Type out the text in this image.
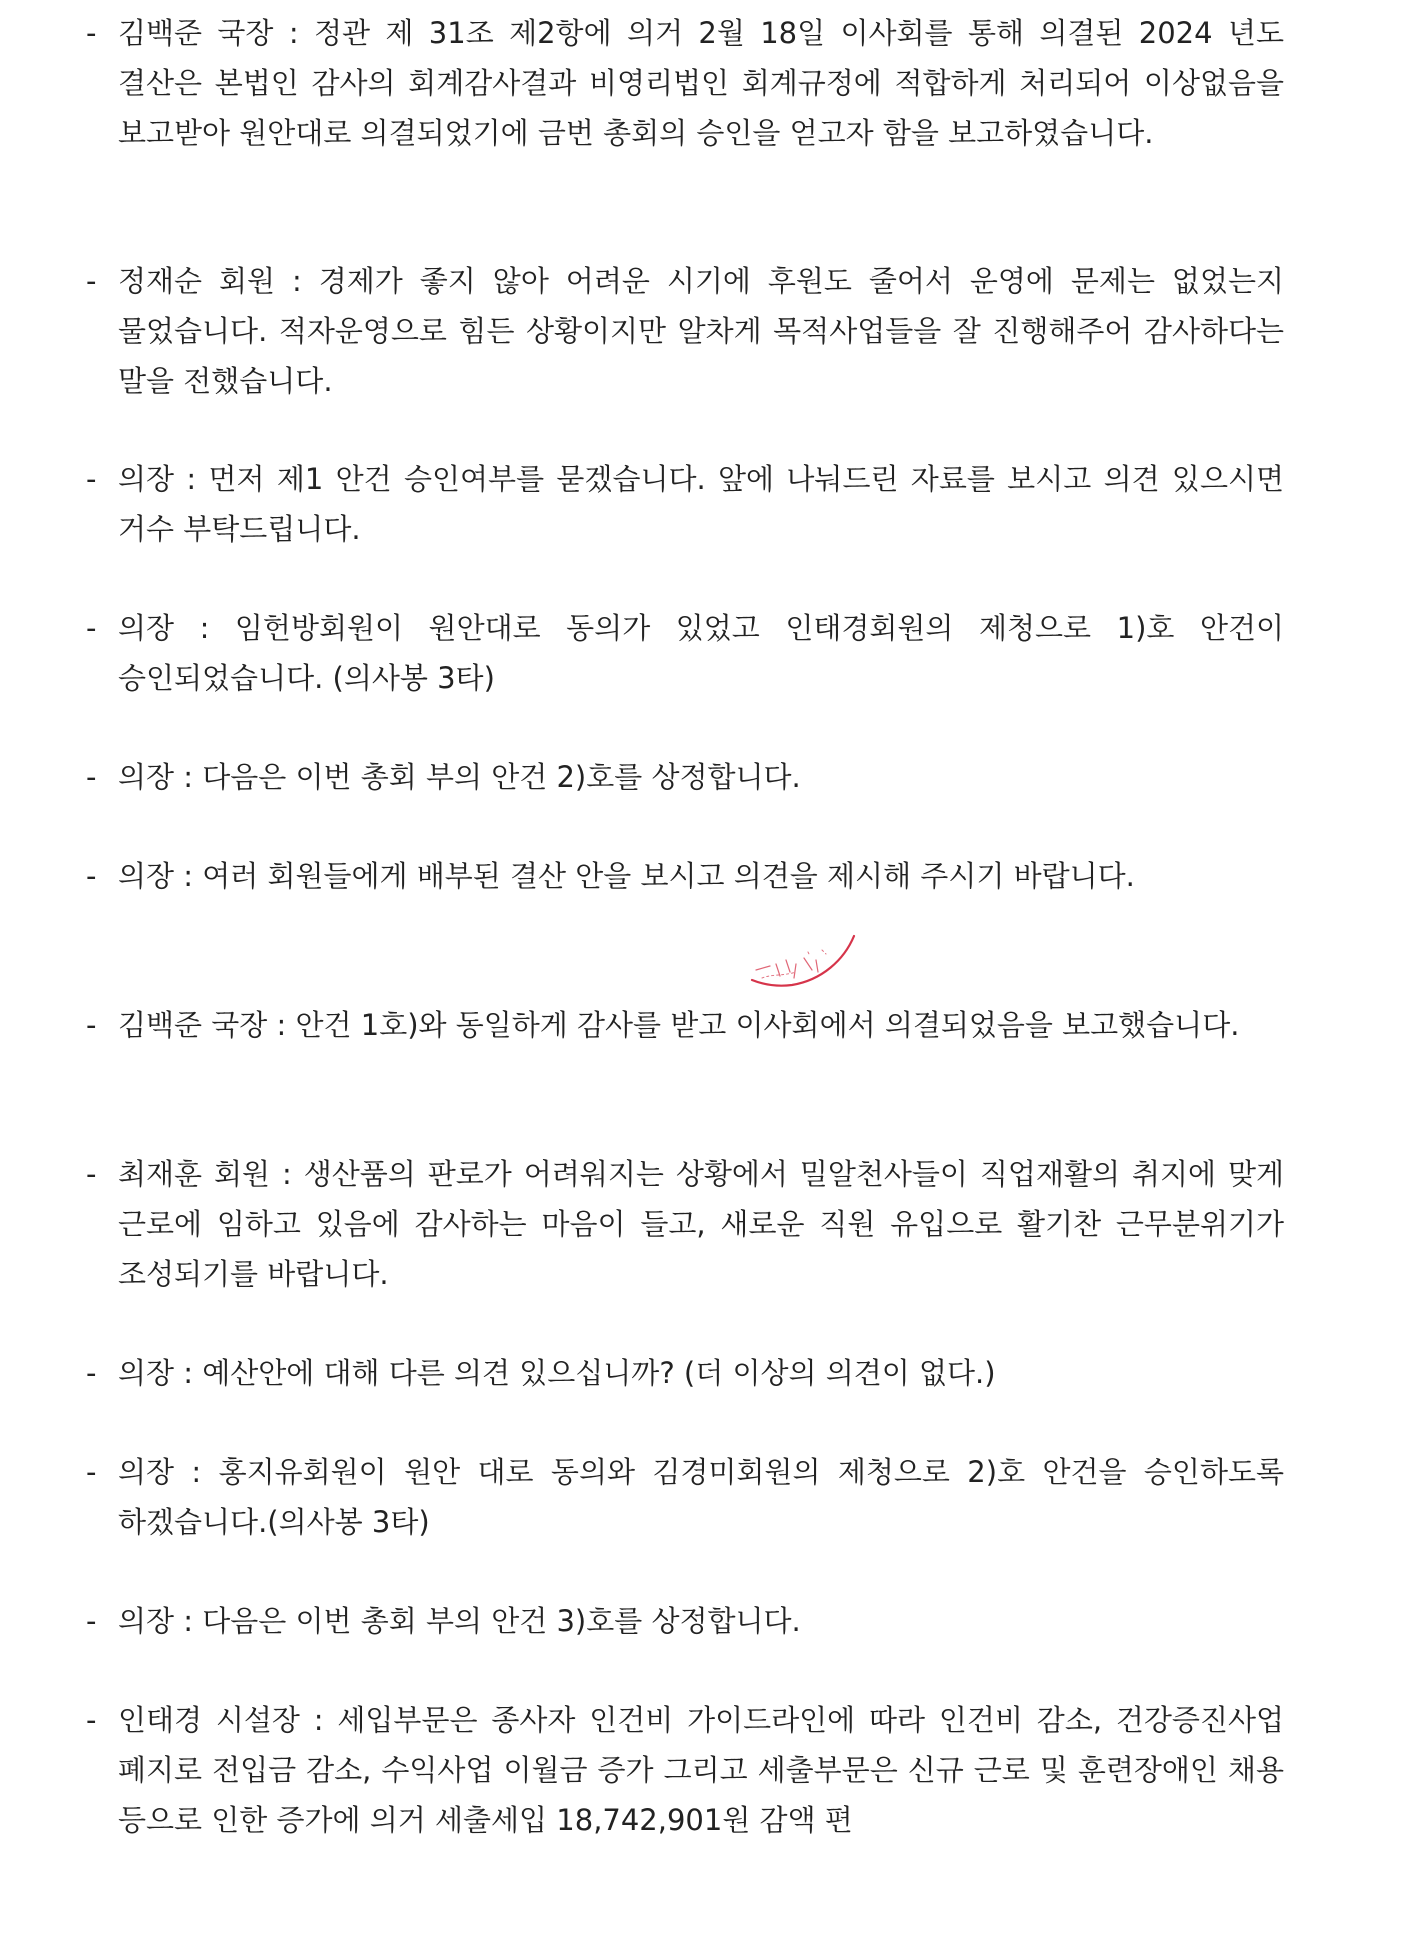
- 김백준 국장 : 정관 제 31조 제2항에 의거 2월 18일 이사회를 통해 의결된 2024 년도 결산은 본법인 감사의 회계감사결과 비영리법인 회계규정에 적합하게 처리되어 이상없음을 보고받아 원안대로 의결되었기에 금번 총회의 승인을 얻고자 함을 보고하였습니다.
- 정재순 회원 : 경제가 좋지 않아 어려운 시기에 후원도 줄어서 운영에 문제는 없었는지 물었습니다. 적자운영으로 힘든 상황이지만 알차게 목적사업들을 잘 진행해주어 감사하다는 말을 전했습니다.
- 의장 : 먼저 제1 안건 승인여부를 묻겠습니다. 앞에 나눠드린 자료를 보시고 의견 있으시면 거수 부탁드립니다.
- 의장 : 임헌방회원이 원안대로 동의가 있었고 인태경회원의 제청으로 1)호 안건이 승인되었습니다. (의사봉 3타)
- 의장 : 다음은 이번 총회 부의 안건 2)호를 상정합니다.
- 의장 : 여러 회원들에게 배부된 결산 안을 보시고 의견을 제시해 주시기 바랍니다.
- 김백준 국장 : 안건 1호)와 동일하게 감사를 받고 이사회에서 의결되었음을 보고했습니다.
- 최재훈 회원 : 생산품의 판로가 어려워지는 상황에서 밀알천사들이 직업재활의 취지에 맞게 근로에 임하고 있음에 감사하는 마음이 들고, 새로운 직원 유입으로 활기찬 근무분위기가 조성되기를 바랍니다.
- 의장 : 예산안에 대해 다른 의견 있으십니까? (더 이상의 의견이 없다.)
- 의장 : 홍지유회원이 원안 대로 동의와 김경미회원의 제청으로 2)호 안건을 승인하도록 하겠습니다.(의사봉 3타)
- 의장 : 다음은 이번 총회 부의 안건 3)호를 상정합니다.
- 인태경 시설장 : 세입부문은 종사자 인건비 가이드라인에 따라 인건비 감소, 건강증진사업 폐지로 전입금 감소, 수익사업 이월금 증가 그리고 세출부문은 신규 근로 및 훈련장애인 채용 등으로 인한 증가에 의거 세출세입 18,742,901원 감액 편
